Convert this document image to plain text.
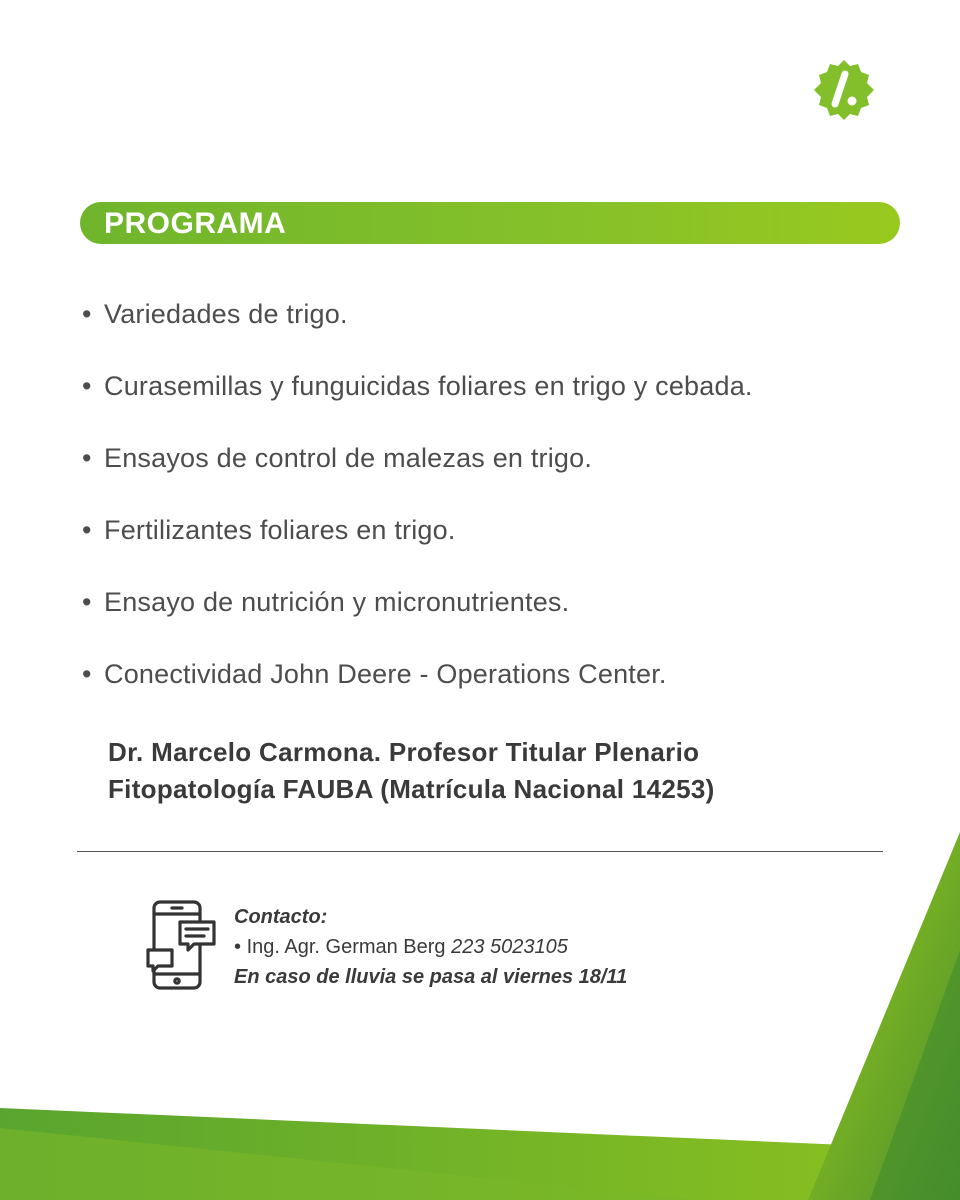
PROGRAMA
• Variedades de trigo.
• Curasemillas y funguicidas foliares en trigo y cebada.
• Ensayos de control de malezas en trigo.
• Fertilizantes foliares en trigo.
• Ensayo de nutrición y micronutrientes.
• Conectividad John Deere - Operations Center.

Dr. Marcelo Carmona. Profesor Titular Plenario
Fitopatología FAUBA (Matrícula Nacional 14253)

Contacto:
• Ing. Agr. German Berg 223 5023105
En caso de lluvia se pasa al viernes 18/11
